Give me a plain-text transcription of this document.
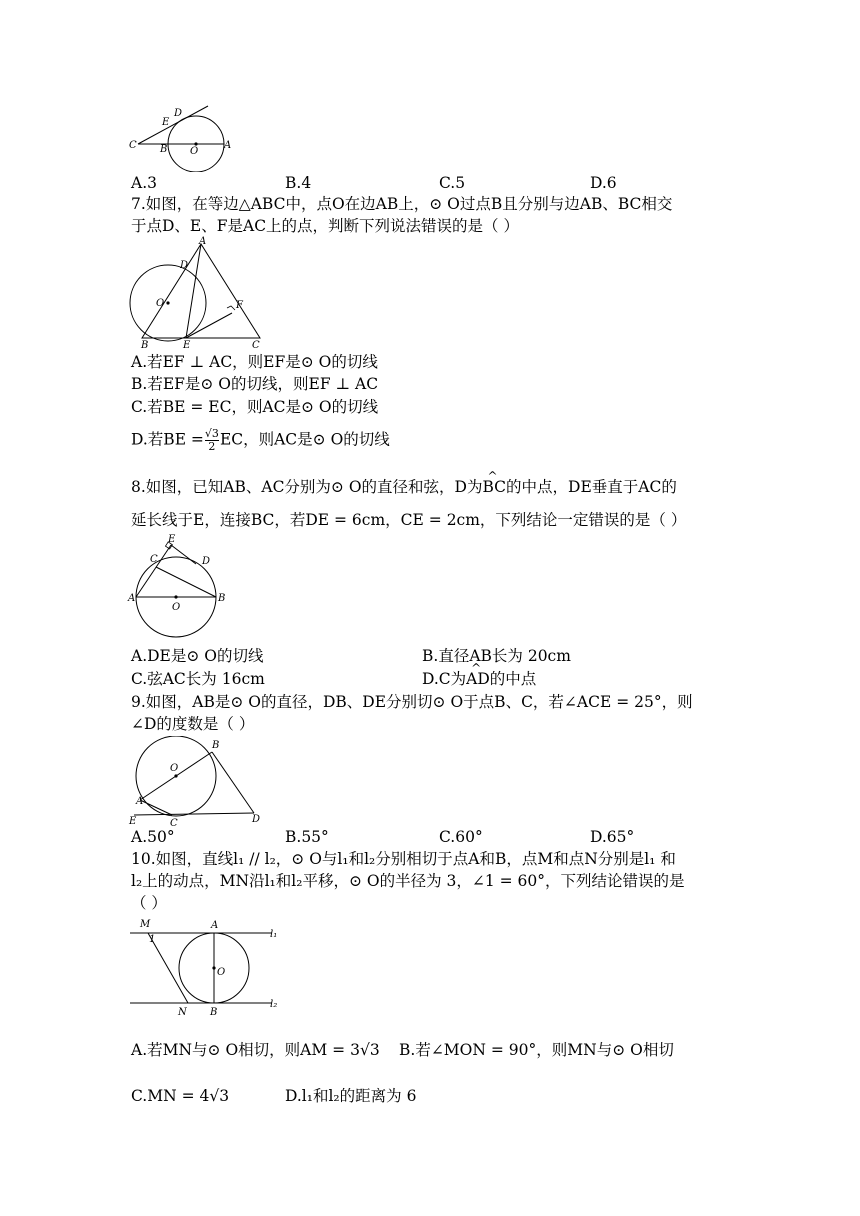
C B O
A
D
E
A.3	B.4	C.5	D.6
7.如图，在等边△ABC中，点O在边AB上，⊙ O过点B且分别与边AB、BC相交
于点D、E、F是AC上的点，判断下列说法错误的是（ ）
A
D
O	F
B	E	C
A.若EF ⊥ AC，则EF是⊙ O的切线
B.若EF是⊙ O的切线，则EF ⊥ AC
C.若BE = EC，则AC是⊙ O的切线
D.若BE = $\frac{√3}{2}$ EC，则AC是⊙ O的切线
8.如图，已知AB、AC分别为⊙ O的直径和弦，D为^ BC的中点，DE垂直于AC的
延长线于E，连接BC，若DE = 6cm，CE = 2cm，下列结论一定错误的是（ ）
E
C	D
A
O
B
A.DE是⊙ O的切线	B.直径AB长为 20cm
C.弦AC长为 16cm	D.C为^ AD的中点
9.如图，AB是⊙ O的直径，DB、DE分别切⊙ O于点B、C，若∠ACE = 25°，则
∠D的度数是（ ）
B
O
A
E	C	D
A.50°	B.55°	C.60°	D.65°
10.如图，直线l₁ // l₂，⊙ O与l₁和l₂分别相切于点A和B，点M和点N分别是l₁ 和
l₂上的动点，MN沿l₁和l₂平移，⊙ O的半径为 3，∠1 = 60°，下列结论错误的是
（ ）
M
1
A
l₁
O
N B
l₂
A.若MN与⊙ O相切，则AM = 3√3 B.若∠MON = 90°，则MN与⊙ O相切
C.MN = 4√3	D.l₁和l₂的距离为 6
